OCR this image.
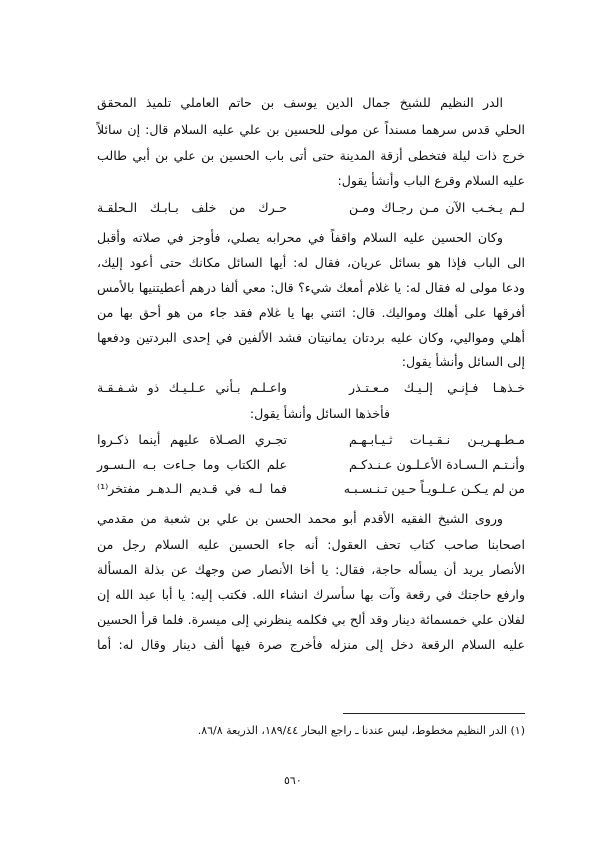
الدر النظيم للشيخ جمال الدين يوسف بن حاتم العاملي تلميذ المحقق
الحلي قدس سرهما مسنداً عن مولى للحسين بن علي عليه السلام قال: إن سائلاً
خرج ذات ليلة فتخطى أزقة المدينة حتى أتى باب الحسين بن علي بن أبي طالب
عليه السلام وقرع الباب وأنشأ يقول:
لـم يـخـب الآن مـن رجـاك ومـن
حـرك من خلف بـابـك الـحلقـة
وكان الحسين عليه السلام واقفاً في محرابه يصلي، فأوجز في صلاته وأقبل
الى الباب فإذا هو بسائل عريان، فقال له: أيها السائل مكانك حتى أعود إليك،
ودعا مولى له فقال له: يا غلام أمعك شيء؟ قال: معي ألفا درهم أعطيتنيها بالأمس
أفرقها على أهلك ومواليك. قال: ائتني بها يا غلام فقد جاء من هو أحق بها من
أهلي ومواليي، وكان عليه بردتان يمانيتان فشد الألفين في إحدى البردتين ودفعها
إلى السائل وأنشأ يقول:
خـذهـا فـإنـي إلـيـك مـعـتـذر
واعـلـم بـأني عـلـيـك ذو شـفـقـة
فأخذها السائل وأنشأ يقول:
مـطـهـريـن نـقـيـات ثـيـابـهـم
تجـري الصـلاة عليهم أينما ذكـروا
وأنـتـم الـسـادة الأعـلـون عـنـدكـم
علم الكتاب وما جـاءت بـه الـسـور
من لم يـكـن عـلـويـاً حـين تـنـسـبـه
فما لـه في قـديم الـدهـر مفتخر⁽¹⁾
وروى الشيخ الفقيه الأقدم أبو محمد الحسن بن علي بن شعبة من مقدمي
اصحابنا صاحب كتاب تحف العقول: أنه جاء الحسين عليه السلام رجل من
الأنصار يريد أن يسأله حاجة، فقال: يا أخا الأنصار صن وجهك عن بذلة المسألة
وارفع حاجتك في رقعة وآت بها سأسرك انشاء الله. فكتب إليه: يا أبا عبد الله إن
لفلان علي خمسمائة دينار وقد ألح بي فكلمه ينظرني إلى ميسرة. فلما قرأ الحسين
عليه السلام الرقعة دخل إلى منزله فأخرج صرة فيها ألف دينار وقال له: أما
(١) الدر النظيم مخطوط، ليس عندنا ـ راجع البحار ١٨٩/٤٤، الذريعة ٨٦/٨.
٥٦٠
